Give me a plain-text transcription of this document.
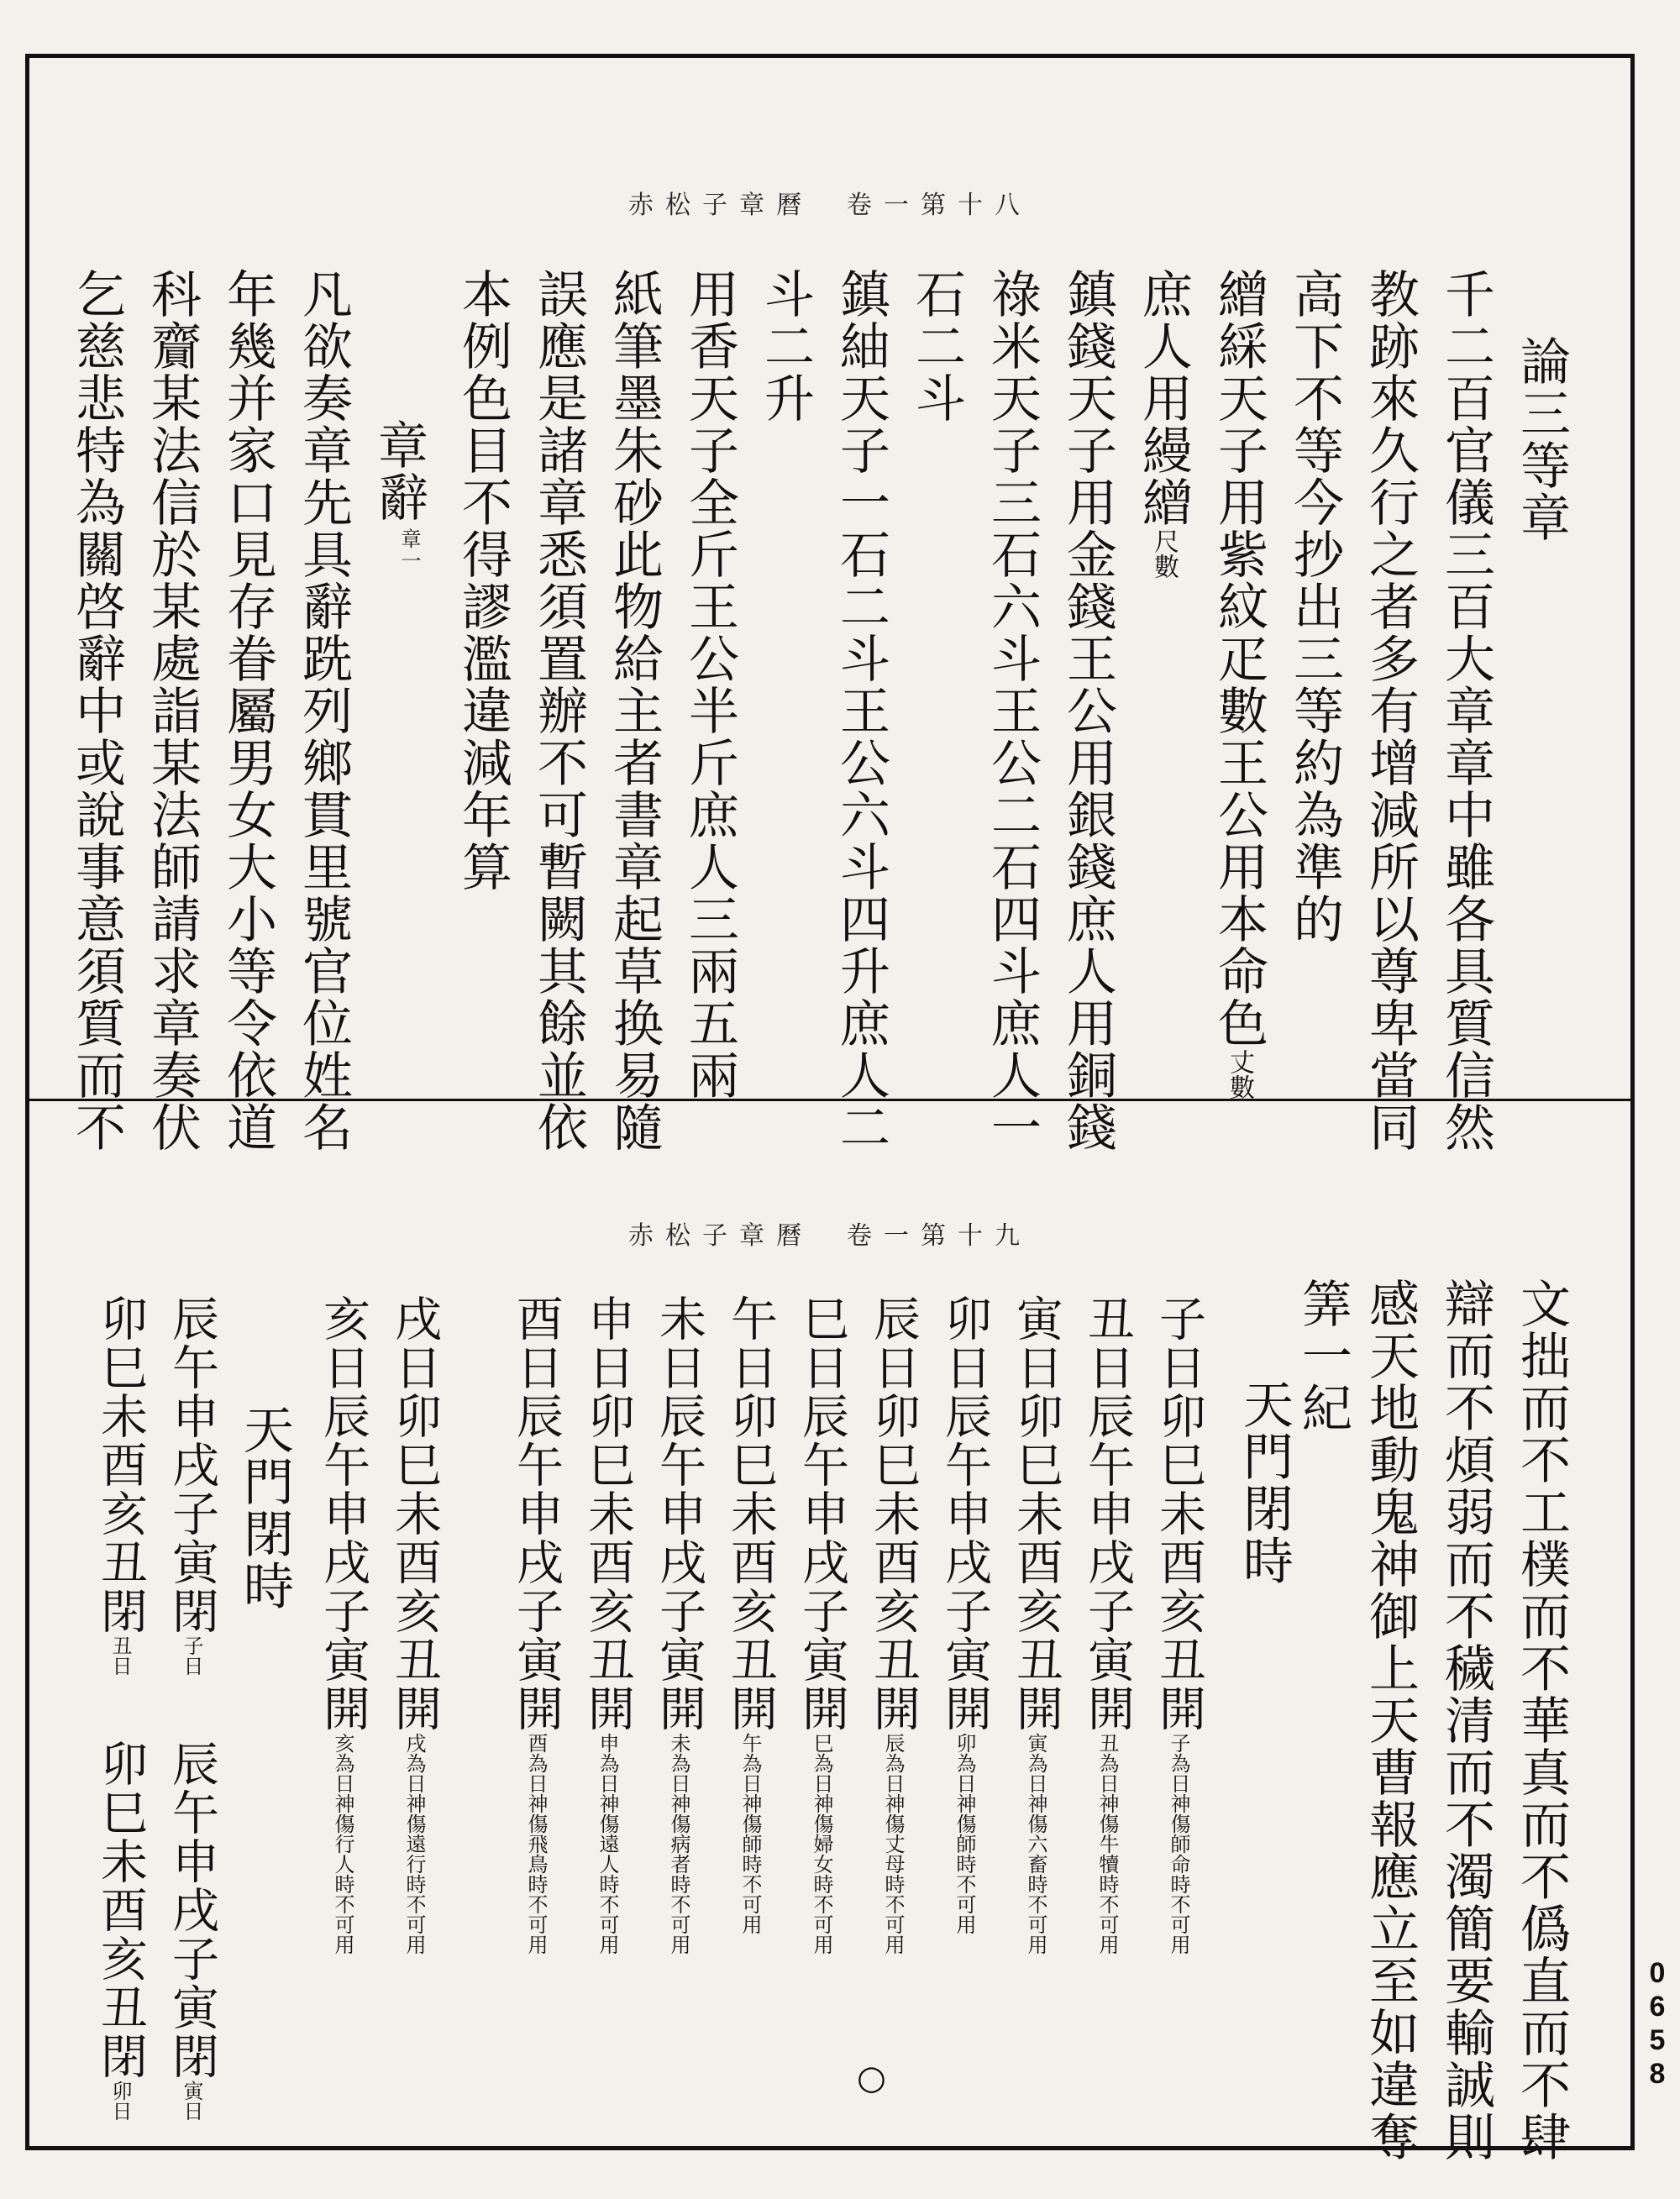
赤松子章曆 卷一第十八
論三等章
千二百官儀三百大章章中雖各具質信然
教跡來久行之者多有增減所以尊卑當同
高下不等今抄出三等約為準的
繒綵天子用紫紋疋數王公用本命色丈數
庶人用縵繒尺數
鎮錢天子用金錢王公用銀錢庶人用銅錢
祿米天子三石六斗王公二石四斗庶人一
石二斗
鎮紬天子一石二斗王公六斗四升庶人二
斗二升
用香天子全斤王公半斤庶人三兩五兩
紙筆墨朱砂此物給主者書章起草换易隨
誤應是諸章悉須置辦不可暫闕其餘並依
本例色目不得謬濫違減年算
章一
章辭
凡欲奏章先具辭跣列鄉貫里號官位姓名
年幾并家口見存眷屬男女大小等令依道
科齎某法信於某處詣某法師請求章奏伏
乞慈悲特為關啓辭中或說事意須質而不
赤松子章曆 卷一第十九
文拙而不工樸而不華真而不僞直而不肆
辯而不煩弱而不穢清而不濁簡要輸誠則
感天地動鬼神御上天曹報應立至如違奪
筭一紀
天門閉時
子日卯巳未酉亥丑開子為日神傷師命時不可用
丑日辰午申戌子寅開丑為日神傷牛犢時不可用
寅日卯巳未酉亥丑開寅為日神傷六畜時不可用
卯日辰午申戌子寅開卯為日神傷師時不可用
辰日卯巳未酉亥丑開辰為日神傷丈母時不可用
巳日辰午申戌子寅開巳為日神傷婦女時不可用
午日卯巳未酉亥丑開午為日神傷師時不可用
未日辰午申戌子寅開未為日神傷病者時不可用
申日卯巳未酉亥丑開申為日神傷遠人時不可用
酉日辰午申戌子寅開酉為日神傷飛鳥時不可用
戌日卯巳未酉亥丑開戌為日神傷遠行時不可用
亥日辰午申戌子寅開亥為日神傷行人時不可用
天門閉時
辰午申戌子寅閉子日
卯巳未酉亥丑閉丑日
辰午申戌子寅閉寅日
卯巳未酉亥丑閉卯日
○	0658
